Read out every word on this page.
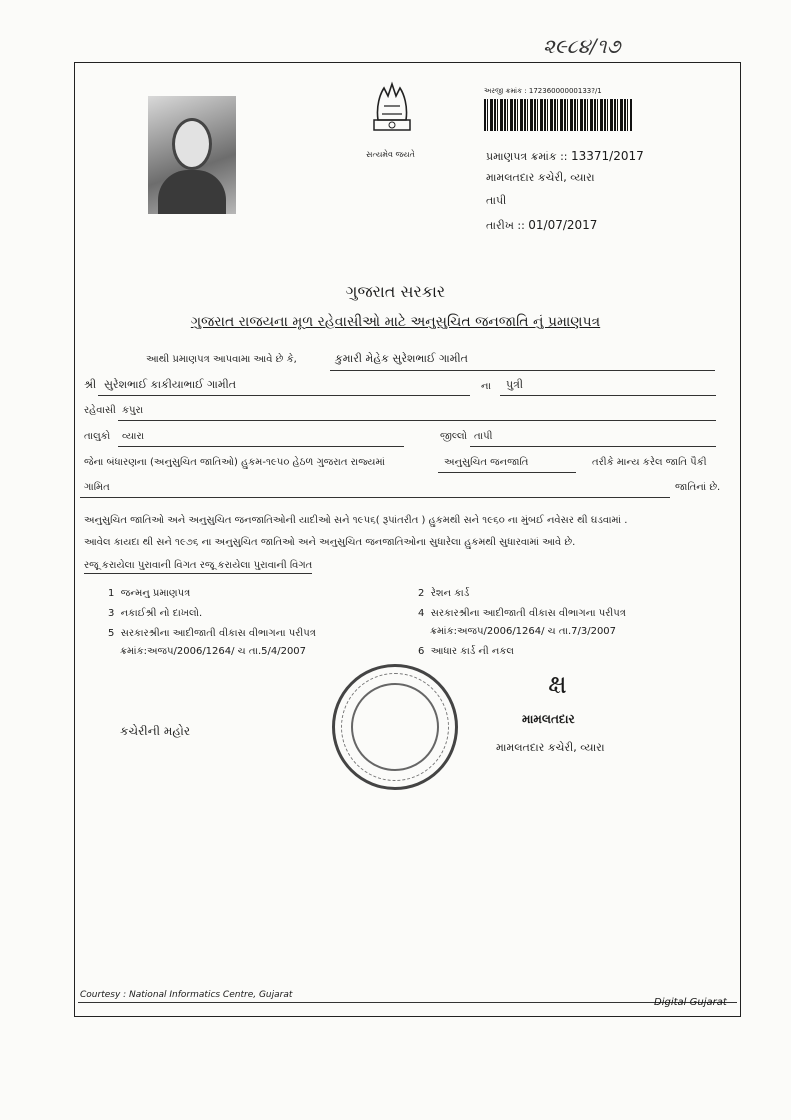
૨૯૮૪/૧૭
સત્યમેવ જયતે
અરજી ક્રમાંક : 17236000000133?/1
પ્રમાણપત્ર ક્રમાંક :: 13371/2017
મામલતદાર કચેરી, વ્યારા
તાપી
તારીખ :: 01/07/2017
ગુજરાત સરકાર
ગુજરાત રાજયના મૂળ રહેવાસીઓ માટે અનુસુચિત જનજાતિ નું પ્રમાણપત્ર
આથી પ્રમાણપત્ર આપવામા આવે છે કે,	કુમારી મેહેક સુરેશભાઈ ગામીત
શ્રી સુરેશભાઈ કાકીયાભાઈ ગામીત	ના પુત્રી
રહેવાસી કપુરા
તાલુકો વ્યારા	જીલ્લો તાપી
જેના બંધારણના (અનુસુચિત જાતિઓ) હુકમ-૧૯૫૦ હેઠળ ગુજરાત રાજ્યમાં	અનુસુચિત જનજાતિ	તરીકે માન્ય કરેલ જાતિ પૈકી
ગામિત	જાતિનાં છે.
અનુસુચિત જાતિઓ અને અનુસુચિત જનજાતિઓની યાદીઓ સને ૧૯૫૬( રૂપાંતરીત ) હુકમથી સને ૧૯૬૦ ના મુંબઈ નવેસર થી ઘડવામાં .
આવેલ કાયદા થી સને ૧૯૭૬ ના અનુસુચિત જાતિઓ અને અનુસુચિત જનજાતિઓના સુધારેલા હુકમથી સુધારવામાં આવે છે.
રજૂ કરાયેલા પુરાવાની વિગત રજૂ કરાયેલા પુરાવાની વિગત
1 જન્મનુ પ્રમાણપત્ર	2 રેશન કાર્ડ
3 નકાઈશ્રી નો દાખલો.	4 સરકારશ્રીના આદીજાતી વીકાસ વીભાગના પરીપત્ર
ક્રમાંક:અજપ/2006/1264/ ચ તા.7/3/2007
5 સરકારશ્રીના આદીજાતી વીકાસ વીભાગના પરીપત્ર
ક્રમાંક:અજપ/2006/1264/ ચ તા.5/4/2007	6 આધાર કાર્ડ ની નકલ
કચેરીની મહોર
ક્ષ
મામલતદાર
મામલતદાર કચેરી, વ્યારા
Courtesy : National Informatics Centre, Gujarat
Digital Gujarat
